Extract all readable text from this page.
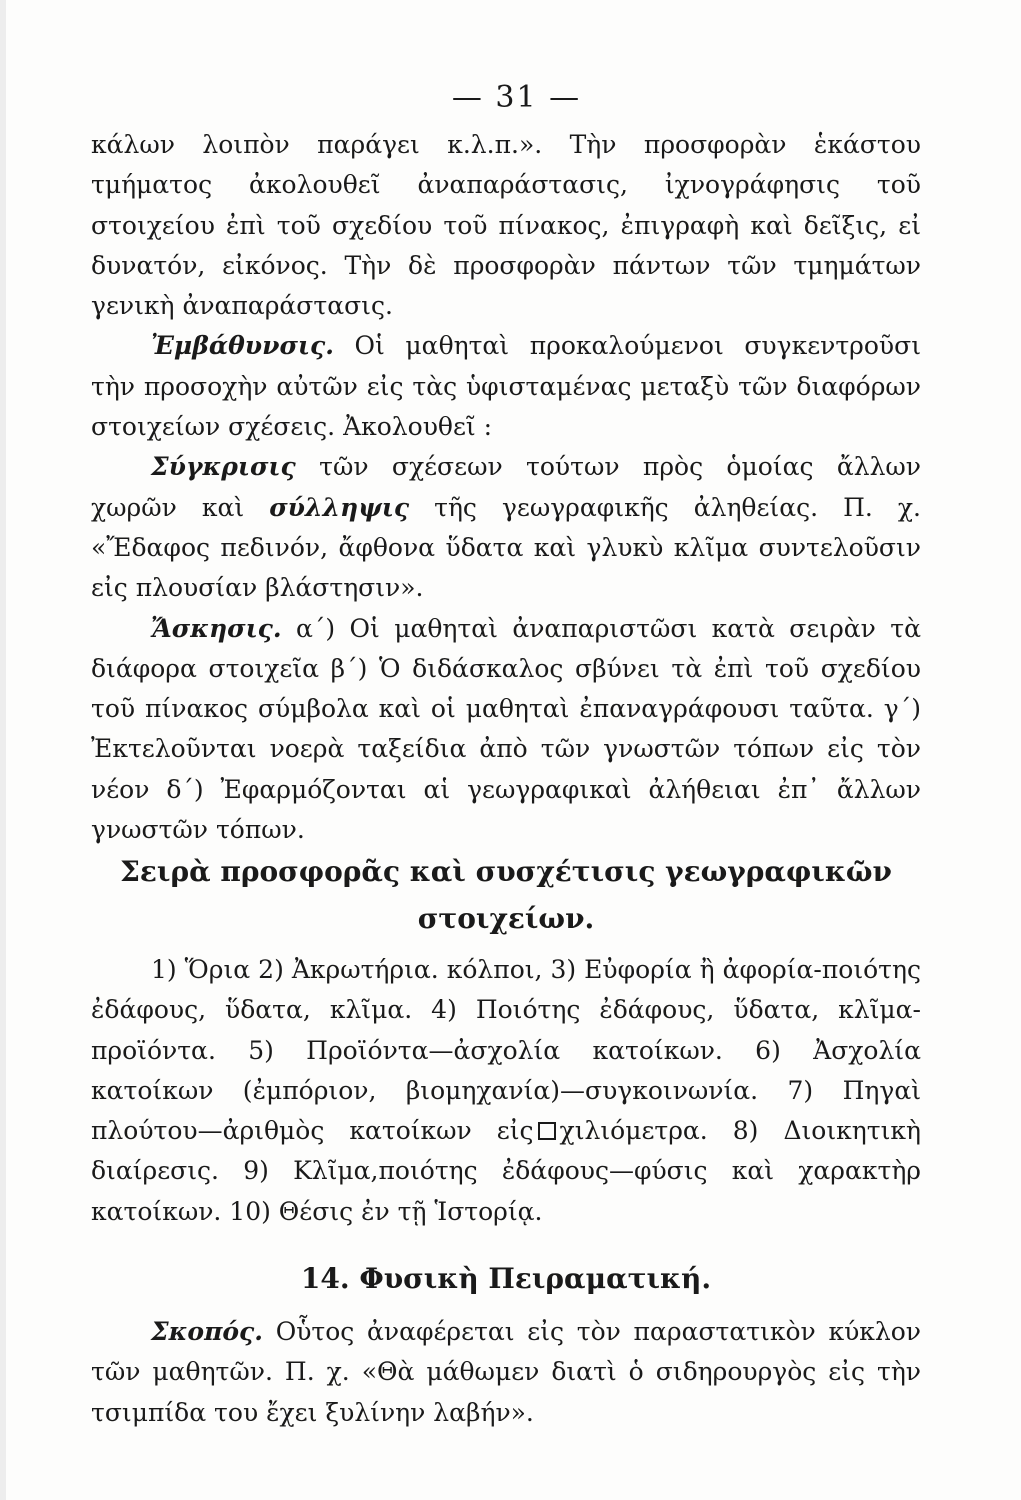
— 31 —

κάλων λοιπὸν παράγει κ.λ.π.». Τὴν προσφορὰν ἑκάστου τμήματος ἀκολουθεῖ ἀναπαράστασις, ἰχνογράφησις τοῦ στοιχείου ἐπὶ τοῦ σχεδίου τοῦ πίνακος, ἐπιγραφὴ καὶ δεῖξις, εἰ δυνατόν, εἰκόνος. Τὴν δὲ προσφορὰν πάντων τῶν τμημάτων γενικὴ ἀναπαράστασις.

Ἐμβάθυνσις. Οἱ μαθηταὶ προκαλούμενοι συγκεντροῦσι τὴν προσοχὴν αὐτῶν εἰς τὰς ὑφισταμένας μεταξὺ τῶν διαφόρων στοιχείων σχέσεις. Ἀκολουθεῖ :

Σύγκρισις τῶν σχέσεων τούτων πρὸς ὁμοίας ἄλλων χωρῶν καὶ σύλληψις τῆς γεωγραφικῆς ἀληθείας. Π. χ. «Ἔδαφος πεδινόν, ἄφθονα ὕδατα καὶ γλυκὺ κλῖμα συντελοῦσιν εἰς πλουσίαν βλάστησιν».

Ἄσκησις. α΄) Οἱ μαθηταὶ ἀναπαριστῶσι κατὰ σειρὰν τὰ διάφορα στοιχεῖα β΄) Ὁ διδάσκαλος σβύνει τὰ ἐπὶ τοῦ σχεδίου τοῦ πίνακος σύμβολα καὶ οἱ μαθηταὶ ἐπαναγράφουσι ταῦτα. γ΄) Ἐκτελοῦνται νοερὰ ταξείδια ἀπὸ τῶν γνωστῶν τόπων εἰς τὸν νέον δ΄) Ἐφαρμόζονται αἱ γεωγραφικαὶ ἀλήθειαι ἐπ᾽ ἄλλων γνωστῶν τόπων.

Σειρὰ προσφορᾶς καὶ συσχέτισις γεωγραφικῶν
στοιχείων.

1) Ὅρια 2) Ἀκρωτήρια. κόλποι, 3) Εὐφορία ἢ ἀφορία-ποιότης ἐδάφους, ὕδατα, κλῖμα. 4) Ποιότης ἐδάφους, ὕδατα, κλῖμα-προϊόντα. 5) Προϊόντα—ἀσχολία κατοίκων. 6) Ἀσχολία κατοίκων (ἐμπόριον, βιομηχανία)—συγκοινωνία. 7) Πηγαὶ πλούτου—ἀριθμὸς κατοίκων εἰς χιλιόμετρα. 8) Διοικητικὴ διαίρεσις. 9) Κλῖμα,ποιότης ἐδάφους—φύσις καὶ χαρακτὴρ κατοίκων. 10) Θέσις ἐν τῇ Ἱστορίᾳ.

14. Φυσικὴ Πειραματική.

Σκοπός. Οὗτος ἀναφέρεται εἰς τὸν παραστατικὸν κύκλον τῶν μαθητῶν. Π. χ. «Θὰ μάθωμεν διατὶ ὁ σιδηρουργὸς εἰς τὴν τσιμπίδα του ἔχει ξυλίνην λαβήν».
